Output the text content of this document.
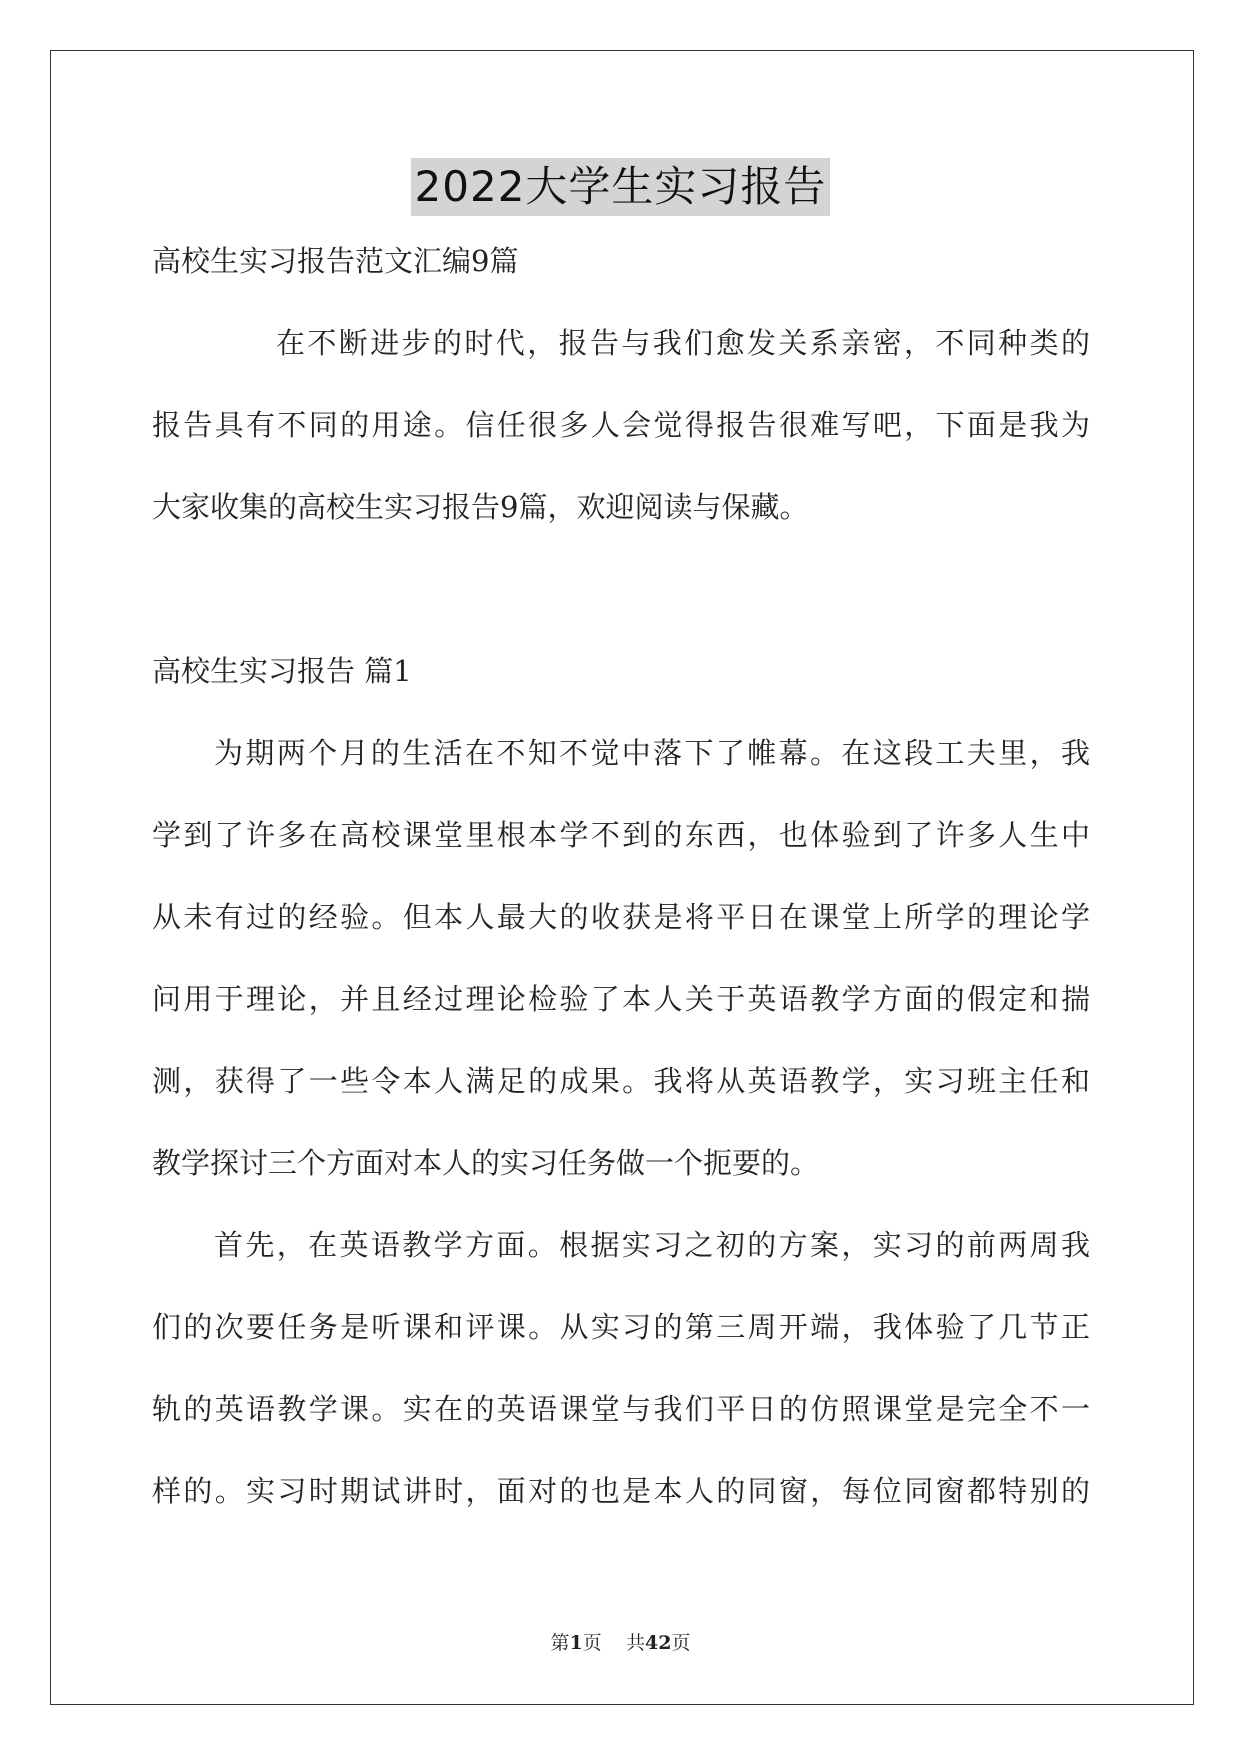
2022大学生实习报告
高校生实习报告范文汇编9篇
在不断进步的时代，报告与我们愈发关系亲密，不同种类的
报告具有不同的用途。信任很多人会觉得报告很难写吧，下面是我为
大家收集的高校生实习报告9篇，欢迎阅读与保藏。
高校生实习报告 篇1
为期两个月的生活在不知不觉中落下了帷幕。在这段工夫里，我
学到了许多在高校课堂里根本学不到的东西，也体验到了许多人生中
从未有过的经验。但本人最大的收获是将平日在课堂上所学的理论学
问用于理论，并且经过理论检验了本人关于英语教学方面的假定和揣
测，获得了一些令本人满足的成果。我将从英语教学，实习班主任和
教学探讨三个方面对本人的实习任务做一个扼要的。
首先，在英语教学方面。根据实习之初的方案，实习的前两周我
们的次要任务是听课和评课。从实习的第三周开端，我体验了几节正
轨的英语教学课。实在的英语课堂与我们平日的仿照课堂是完全不一
样的。实习时期试讲时，面对的也是本人的同窗，每位同窗都特别的
第1页 共42页
